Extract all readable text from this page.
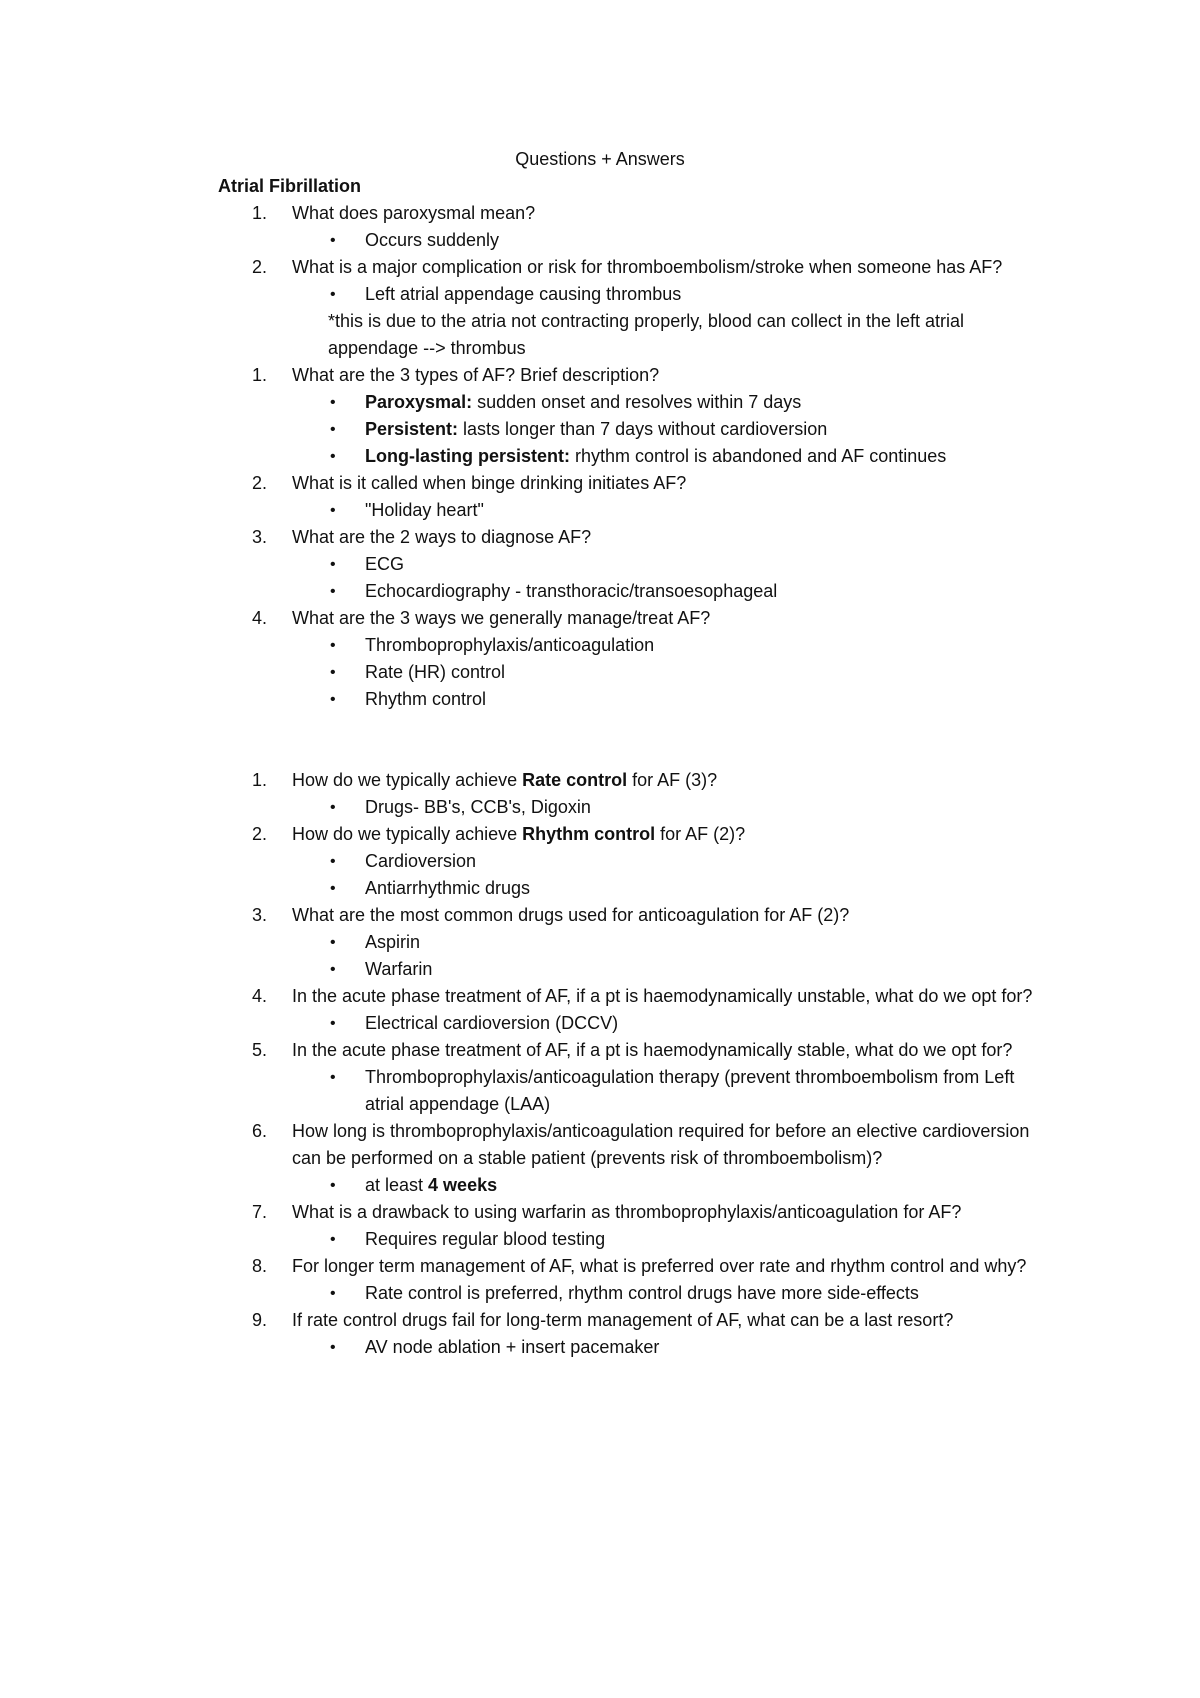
Questions + Answers
Atrial Fibrillation
1.	What does paroxysmal mean?
• Occurs suddenly
2.	What is a major complication or risk for thromboembolism/stroke when someone has AF?
• Left atrial appendage causing thrombus
*this is due to the atria not contracting properly, blood can collect in the left atrial appendage --> thrombus
1.	What are the 3 types of AF? Brief description?
• Paroxysmal: sudden onset and resolves within 7 days
• Persistent: lasts longer than 7 days without cardioversion
• Long-lasting persistent: rhythm control is abandoned and AF continues
2.	What is it called when binge drinking initiates AF?
• "Holiday heart"
3.	What are the 2 ways to diagnose AF?
• ECG
• Echocardiography - transthoracic/transoesophageal
4.	What are the 3 ways we generally manage/treat AF?
• Thromboprophylaxis/anticoagulation
• Rate (HR) control
• Rhythm control
1.	How do we typically achieve Rate control for AF (3)?
• Drugs- BB's, CCB's, Digoxin
2.	How do we typically achieve Rhythm control for AF (2)?
• Cardioversion
• Antiarrhythmic drugs
3.	What are the most common drugs used for anticoagulation for AF (2)?
• Aspirin
• Warfarin
4.	In the acute phase treatment of AF, if a pt is haemodynamically unstable, what do we opt for?
• Electrical cardioversion (DCCV)
5.	In the acute phase treatment of AF, if a pt is haemodynamically stable, what do we opt for?
• Thromboprophylaxis/anticoagulation therapy (prevent thromboembolism from Left atrial appendage (LAA)
6.	How long is thromboprophylaxis/anticoagulation required for before an elective cardioversion can be performed on a stable patient (prevents risk of thromboembolism)?
• at least 4 weeks
7.	What is a drawback to using warfarin as thromboprophylaxis/anticoagulation for AF?
• Requires regular blood testing
8.	For longer term management of AF, what is preferred over rate and rhythm control and why?
• Rate control is preferred, rhythm control drugs have more side-effects
9.	If rate control drugs fail for long-term management of AF, what can be a last resort?
• AV node ablation + insert pacemaker
